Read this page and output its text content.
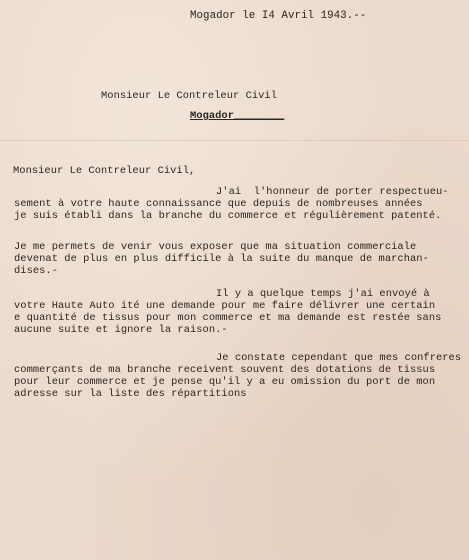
Mogador le I4 Avril 1943.--
Monsieur Le Contreleur Civil
Mogador________
Monsieur Le Contreleur Civil,
J'ai  l'honneur de porter respectueu-
sement à votre haute connaissance que depuis de nombreuses années
je suis établi dans la branche du commerce et régulièrement patenté.
Je me permets de venir vous exposer que ma situation commerciale
devenat de plus en plus difficile à la suite du manque de marchan-
dises.-
Il y a quelque temps j'ai envoyé à
votre Haute Auto ité une demande pour me faire délivrer une certain
e quantité de tissus pour mon commerce et ma demande est restée sans
aucune suite et ignore la raison.-
Je constate cependant que mes confreres
commerçants de ma branche receivent souvent des dotations de tissus
pour leur commerce et je pense qu'il y a eu omission du port de mon
adresse sur la liste des répartitions
